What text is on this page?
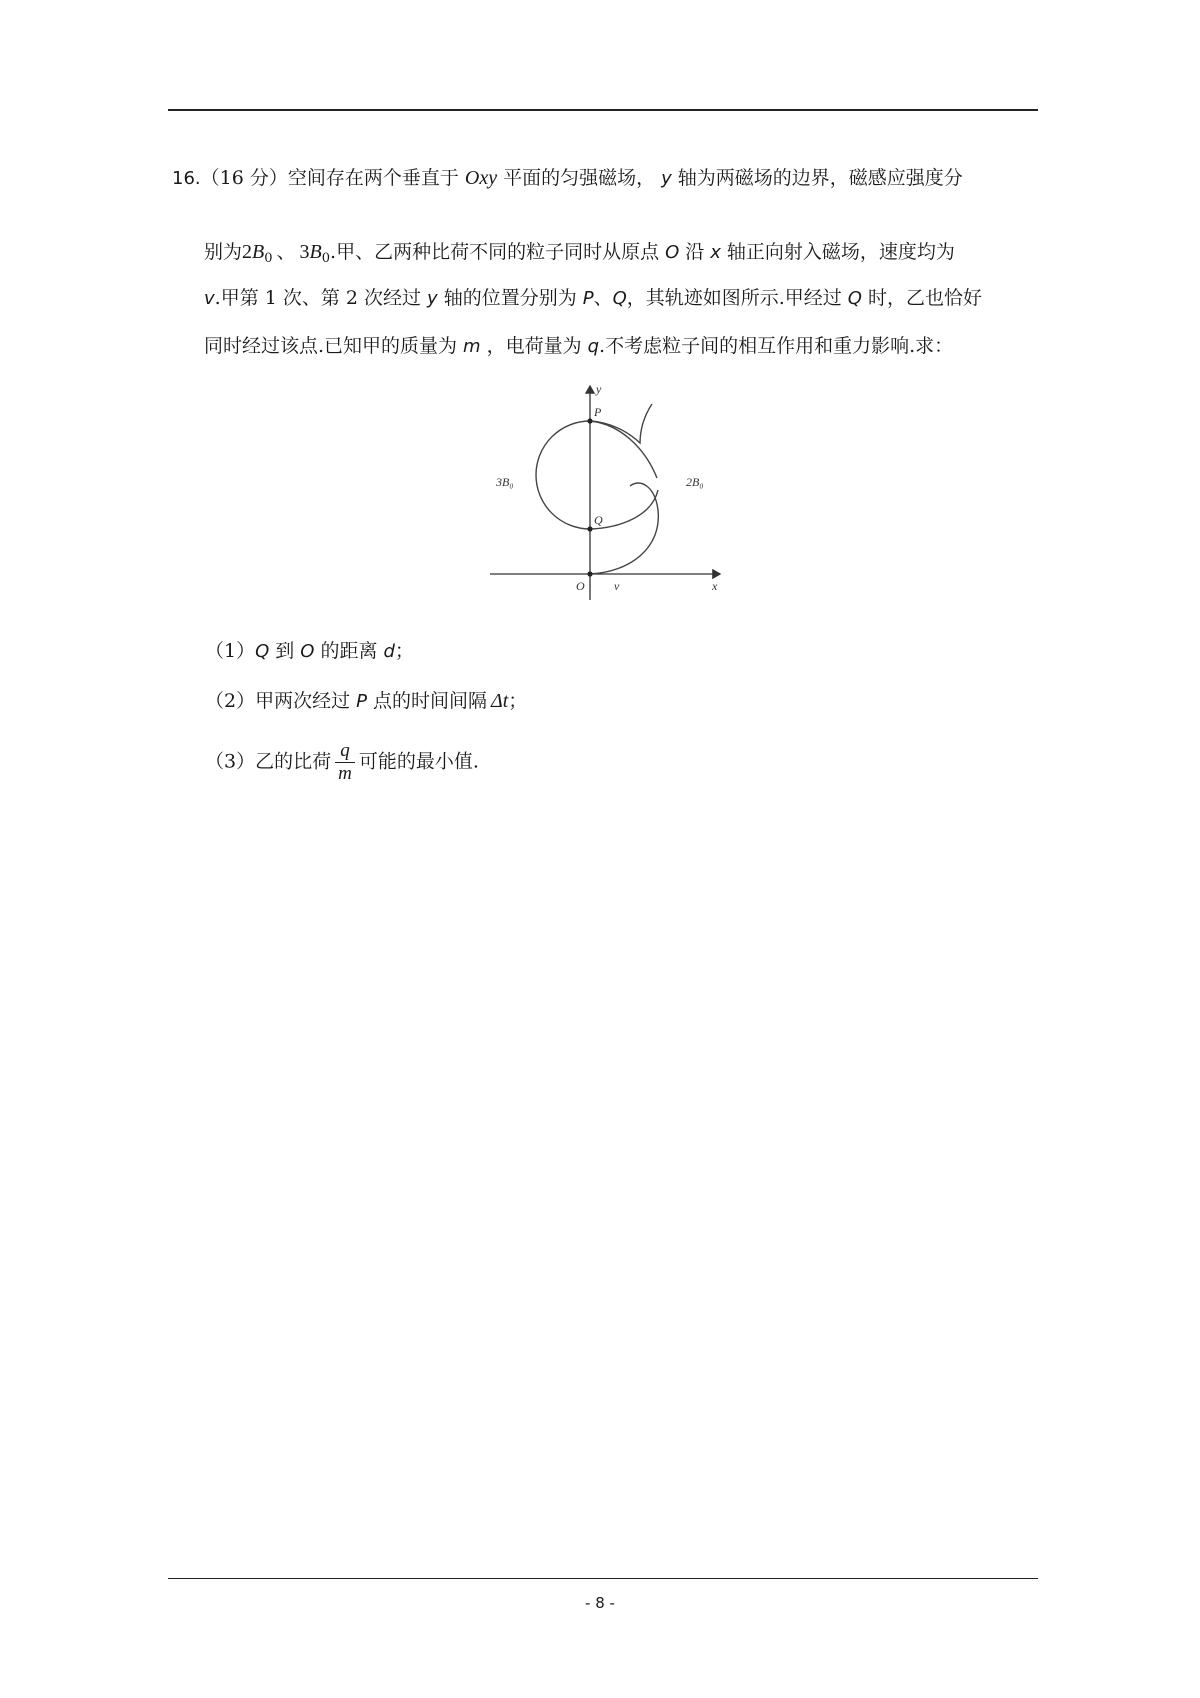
16.（16 分）空间存在两个垂直于 Oxy 平面的匀强磁场， y 轴为两磁场的边界，磁感应强度分
别为$2B_0$ 、 $3B_0$.甲、乙两种比荷不同的粒子同时从原点 O 沿 x 轴正向射入磁场，速度均为
v.甲第 1 次、第 2 次经过 y 轴的位置分别为 P、Q，其轨迹如图所示.甲经过 Q 时，乙也恰好
同时经过该点.已知甲的质量为 m ，电荷量为 q.不考虑粒子间的相互作用和重力影响.求：
y
x
P
Q
O v
3B₀	2B₀
（1）Q 到 O 的距离 d；
（2）甲两次经过 P 点的时间间隔 Δt；
（3）乙的比荷 $\frac{q}{m}$ 可能的最小值.
- 8 -
